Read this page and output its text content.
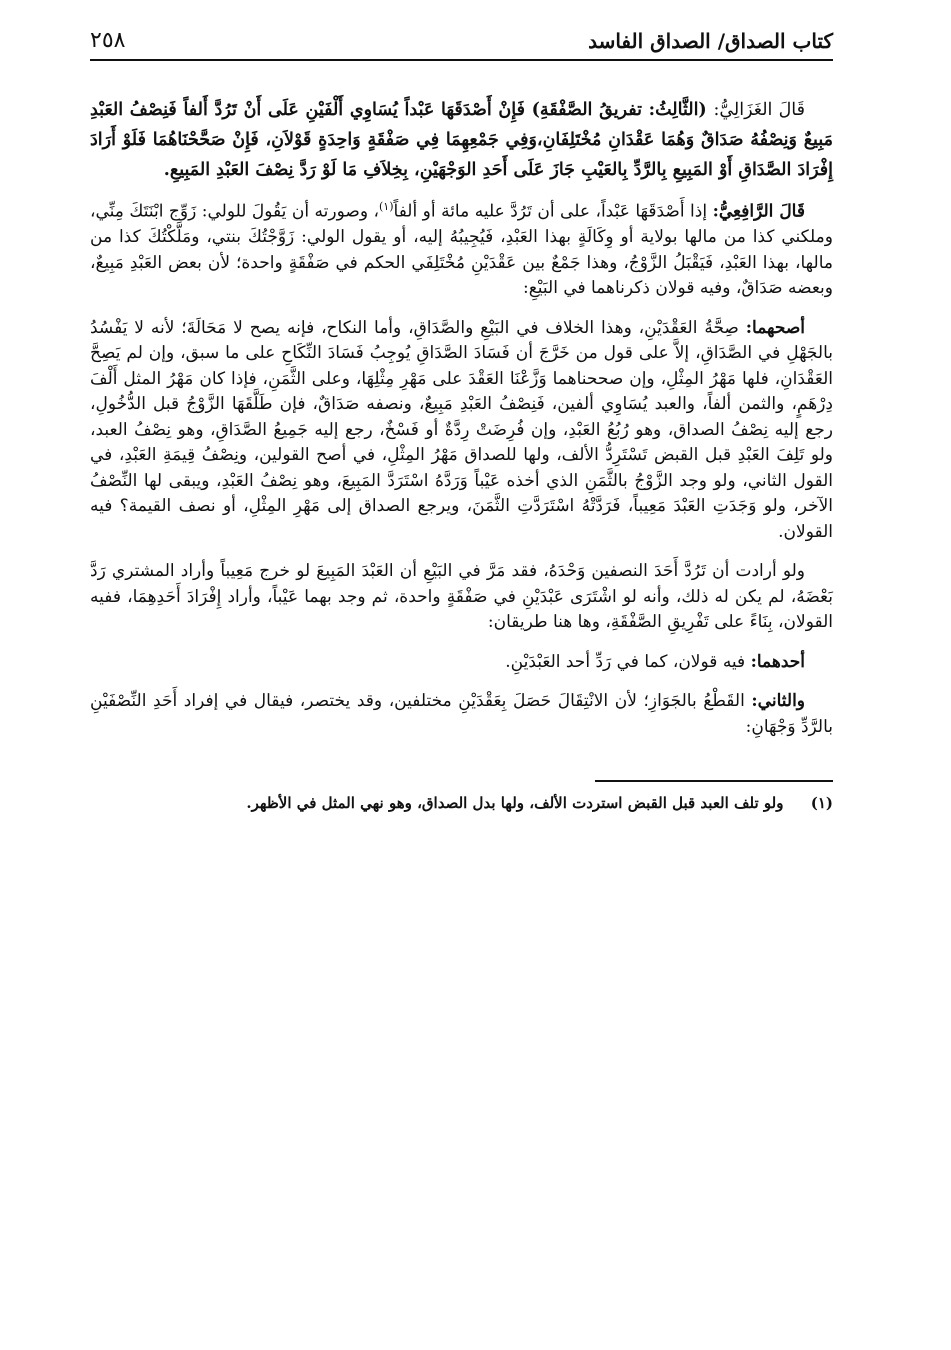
كتاب الصداق/ الصداق الفاسد
٢٥٨

قَالَ الغَزَالِيُّ: (الثَّالِثُ: تفريقُ الصَّفْقَةِ) فَإِنْ أَصْدَقَهَا عَبْداً يُسَاوِي أَلْفَيْنِ عَلَى أَنْ تَرُدَّ أَلفاً فَنِصْفُ العَبْدِ مَبِيعٌ وَنِصْفُهُ صَدَاقٌ وَهُمَا عَقْدَانِ مُخْتَلِفَانِ،وَفِي جَمْعِهِمَا فِي صَفْقَةٍ وَاحِدَةٍ قَوْلاَنِ، فَإِنْ صَحَّحْنَاهُمَا فَلَوْ أَرَادَ إِفْرَادَ الصَّدَاقِ أَوْ المَبِيعِ بِالرَّدِّ بِالعَيْبِ جَازَ عَلَى أَحَدِ الوَجْهَيْنِ، بِخِلاَفِ مَا لَوْ رَدَّ نِصْفَ العَبْدِ المَبِيعِ.

قَالَ الرَّافِعِيُّ: إذا أَصْدَقَهَا عَبْداً، على أن تَرُدَّ عليه مائة أو ألفاً$^{(١)}$، وصورته أن يَقُولَ للولي: زَوِّج ابْنَتَكَ مِنِّي، وملكني كذا من مالها بولاية أو وِكَالَةٍ بهذا العَبْدِ، فَيُجِيبُهُ إليه، أو يقول الولي: زَوَّجْتُكَ بنتي، ومَلَّكْتُكَ كذا من مالها، بهذا العَبْدِ، فَيَقْبَلُ الزَّوْجُ، وهذا جَمْعٌ بين عَقْدَيْنِ مُخْتَلِفَي الحكم في صَفْقَةٍ واحدة؛ لأن بعض العَبْدِ مَبِيعٌ، وبعضه صَدَاقٌ، وفيه قولان ذكرناهما في البَيْعِ:

أصحهما: صِحَّةُ العَقْدَيْنِ، وهذا الخلاف في البَيْعِ والصَّدَاقِ، وأما النكاح، فإنه يصح لا مَحَالَةَ؛ لأنه لا يَفْسُدُ بالجَهْلِ في الصَّدَاقِ، إلاَّ على قول من خَرَّجَ أن فَسَادَ الصَّدَاقِ يُوجِبُ فَسَادَ النِّكَاحِ على ما سبق، وإن لم يَصِحَّ العَقْدَانِ، فلها مَهْرُ المِثْلِ، وإن صححناهما وَزَّعْنَا العَقْدَ على مَهْرِ مِثْلِهَا، وعلى الثَّمَنِ، فإذا كان مَهْرُ المثل أَلْفَ دِرْهَمٍ، والثمن ألفاً، والعبد يُسَاوِي ألفين، فَنِصْفُ العَبْدِ مَبِيعٌ، ونصفه صَدَاقٌ، فإن طَلَّقَهَا الزَّوْجُ قبل الدُّخُولِ، رجع إليه نِصْفُ الصداق، وهو رُبُعُ العَبْدِ، وإن فُرِضَتْ رِدَّةٌ أو فَسْخٌ، رجع إليه جَمِيعُ الصَّدَاقِ، وهو نِصْفُ العبد، ولو تَلِفَ العَبْدِ قبل القبض تَسْتَرِدُّ الألف، ولها للصداق مَهْرُ المِثْلِ، في أصح القولين، ونِصْفُ قِيمَةِ العَبْدِ، في القول الثاني، ولو وجد الزَّوْجُ بالثَّمَنِ الذي أخذه عَيْباً وَرَدَّهُ اسْتَرَدَّ المَبِيعَ، وهو نِصْفُ العَبْدِ، ويبقى لها النِّصْفُ الآخر، ولو وَجَدَتِ العَبْدَ مَعِيباً، فَرَدَّتْهُ اسْتَرَدَّتِ الثَّمَنَ، ويرجع الصداق إلى مَهْرِ المِثْلِ، أو نصف القيمة؟ فيه القولان.

ولو أرادت أن تَرُدَّ أَحَدَ النصفين وَحْدَهُ، فقد مَرَّ في البَيْعِ أن العَبْدَ المَبِيعَ لو خرج مَعِيباً وأراد المشتري رَدَّ بَعْضَهُ، لم يكن له ذلك، وأنه لو اشْتَرَى عَبْدَيْنِ في صَفْقَةٍ واحدة، ثم وجد بهما عَيْباً، وأراد إِفْرَادَ أَحَدِهِمَا، ففيه القولان، بِنَاءً على تَفْرِيقِ الصَّفْقَةِ، وها هنا طريقان:

أحدهما: فيه قولان، كما في رَدِّ أحد العَبْدَيْنِ.

والثاني: القَطْعُ بالجَوَازِ؛ لأن الانْتِقَالَ حَصَلَ بِعَقْدَيْنِ مختلفين، وقد يختصر، فيقال في إفراد أَحَدِ النِّصْفَيْنِ بالرَّدِّ وَجْهَانِ:

(١) ولو تلف العبد قبل القبض استردت الألف، ولها بدل الصداق، وهو نهي المثل في الأظهر.
